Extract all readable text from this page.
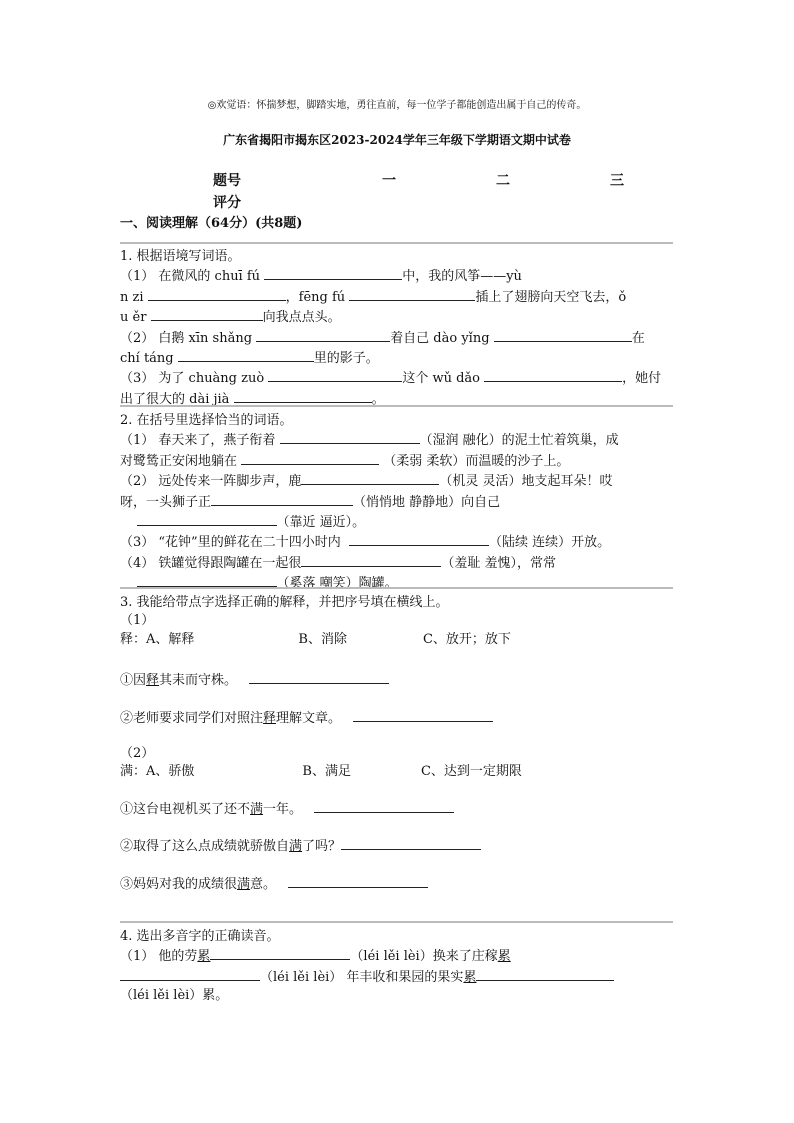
◎欢觉语：怀揣梦想，脚踏实地，勇往直前，每一位学子都能创造出属于自己的传奇。
广东省揭阳市揭东区2023-2024学年三年级下学期语文期中试卷
题号	一	二	三
评分
一、阅读理解（64分）(共8题)
1. 根据语境写词语。
（1） 在微风的 chuī fú	中，我的风筝——yù
n zi	，fēng fú	插上了翅膀向天空飞去，ǒ
u ěr	向我点点头。
（2） 白鹅 xīn shǎng	着自己 dào yǐng	在
chí táng	里的影子。
（3） 为了 chuàng zuò	这个 wǔ dǎo	，她付
出了很大的 dài jià	。
2. 在括号里选择恰当的词语。
（1） 春天来了，燕子衔着	（湿润 融化）的泥土忙着筑巢，成
对鹭鸶正安闲地躺在	（柔弱 柔软）而温暖的沙子上。
（2） 远处传来一阵脚步声，鹿	（机灵 灵活）地支起耳朵！哎
呀，一头狮子正	（悄悄地 静静地）向自己
（靠近 逼近）。
（3） “花钟”里的鲜花在二十四小时内	（陆续 连续）开放。
（4） 铁罐觉得跟陶罐在一起很	（羞耻 羞愧），常常
（奚落 嘲笑）陶罐。
3. 我能给带点字选择正确的解释，并把序号填在横线上。
（1）
释：A、解释	B、消除	C、放开；放下
①因释其耒而守株。
②老师要求同学们对照注释理解文章。
（2）
满：A、骄傲	B、满足	C、达到一定期限
①这台电视机买了还不满一年。
②取得了这么点成绩就骄傲自满了吗？
③妈妈对我的成绩很满意。
4. 选出多音字的正确读音。
（1） 他的劳累	（léi lěi lèi）换来了庄稼累
（léi lěi lèi） 年丰收和果园的果实累
（léi lěi lèi）累。
